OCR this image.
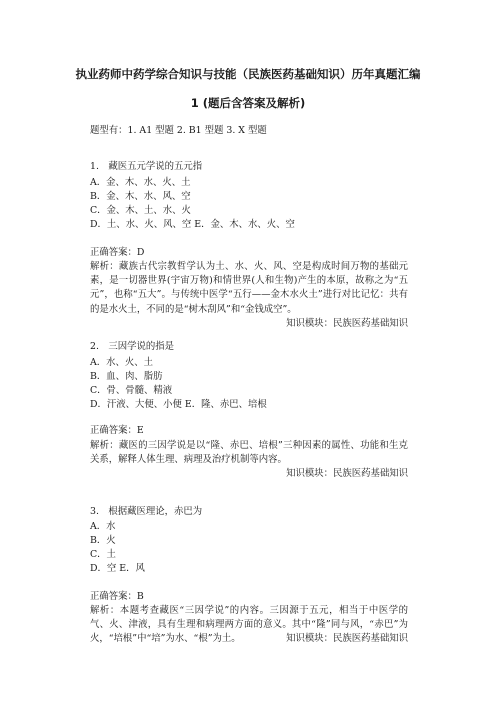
执业药师中药学综合知识与技能（民族医药基础知识）历年真题汇编
1 (题后含答案及解析)
题型有：1. A1 型题 2. B1 型题 3. X 型题
1.　藏医五元学说的五元指
A．金、木、水、火、土
B．金、木、水、风、空
C．金、木、土、水、火
D．土、水、火、风、空 E．金、木、水、火、空
正确答案：D
解析：藏族古代宗教哲学认为土、水、火、风、空是构成时间万物的基础元素，是一切器世界(宇宙万物)和情世界(人和生物)产生的本原，故称之为“五元”，也称“五大”。与传统中医学“五行——金木水火土”进行对比记忆：共有的是水火土，不同的是“树木刮风”和“金钱成空”。
知识模块：民族医药基础知识
2.　三因学说的指是
A．水、火、土
B．血、肉、脂肪
C．骨、骨髓、精液
D．汗液、大便、小便 E．隆、赤巴、培根
正确答案：E
解析：藏医的三因学说是以“隆、赤巴、培根”三种因素的属性、功能和生克关系，解释人体生理、病理及治疗机制等内容。
知识模块：民族医药基础知识
3.　根据藏医理论，赤巴为
A．水
B．火
C．土
D．空 E．风
正确答案：B
解析：本题考查藏医“三因学说”的内容。三因源于五元，相当于中医学的气、火、津液，具有生理和病理两方面的意义。其中“隆”同与风，“赤巴”为火，“培根”中“培”为水、“根”为土。	知识模块：民族医药基础知识
